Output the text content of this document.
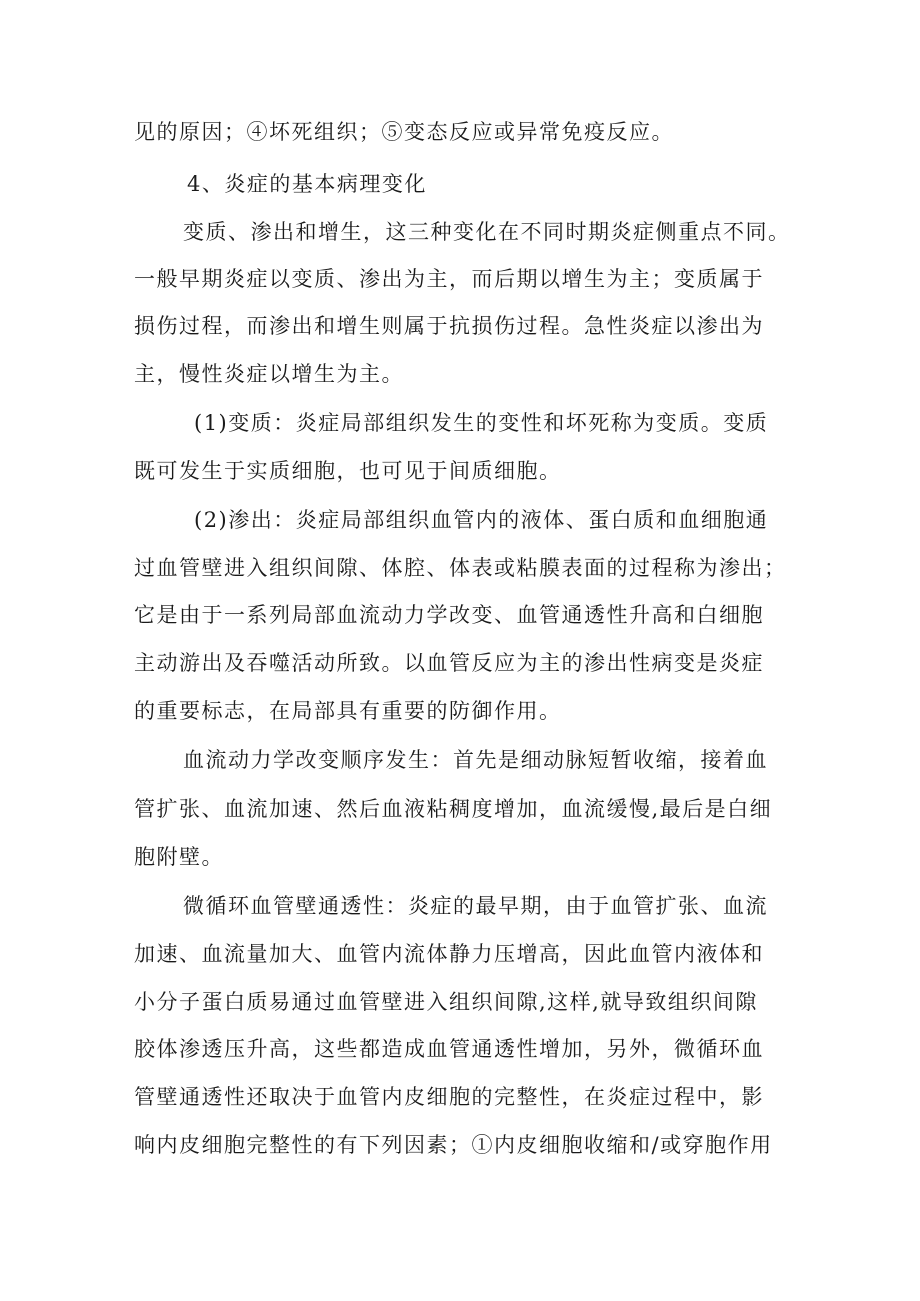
见的原因；④坏死组织；⑤变态反应或异常免疫反应。
4、炎症的基本病理变化
变质、渗出和增生，这三种变化在不同时期炎症侧重点不同。
一般早期炎症以变质、渗出为主，而后期以增生为主；变质属于
损伤过程，而渗出和增生则属于抗损伤过程。急性炎症以渗出为
主，慢性炎症以增生为主。
(1)变质：炎症局部组织发生的变性和坏死称为变质。变质
既可发生于实质细胞，也可见于间质细胞。
(2)渗出：炎症局部组织血管内的液体、蛋白质和血细胞通
过血管壁进入组织间隙、体腔、体表或粘膜表面的过程称为渗出；
它是由于一系列局部血流动力学改变、血管通透性升高和白细胞
主动游出及吞噬活动所致。以血管反应为主的渗出性病变是炎症
的重要标志，在局部具有重要的防御作用。
血流动力学改变顺序发生：首先是细动脉短暂收缩，接着血
管扩张、血流加速、然后血液粘稠度增加，血流缓慢,最后是白细
胞附壁。
微循环血管壁通透性：炎症的最早期，由于血管扩张、血流
加速、血流量加大、血管内流体静力压增高，因此血管内液体和
小分子蛋白质易通过血管壁进入组织间隙,这样,就导致组织间隙
胶体渗透压升高，这些都造成血管通透性增加，另外，微循环血
管壁通透性还取决于血管内皮细胞的完整性，在炎症过程中，影
响内皮细胞完整性的有下列因素；①内皮细胞收缩和/或穿胞作用
